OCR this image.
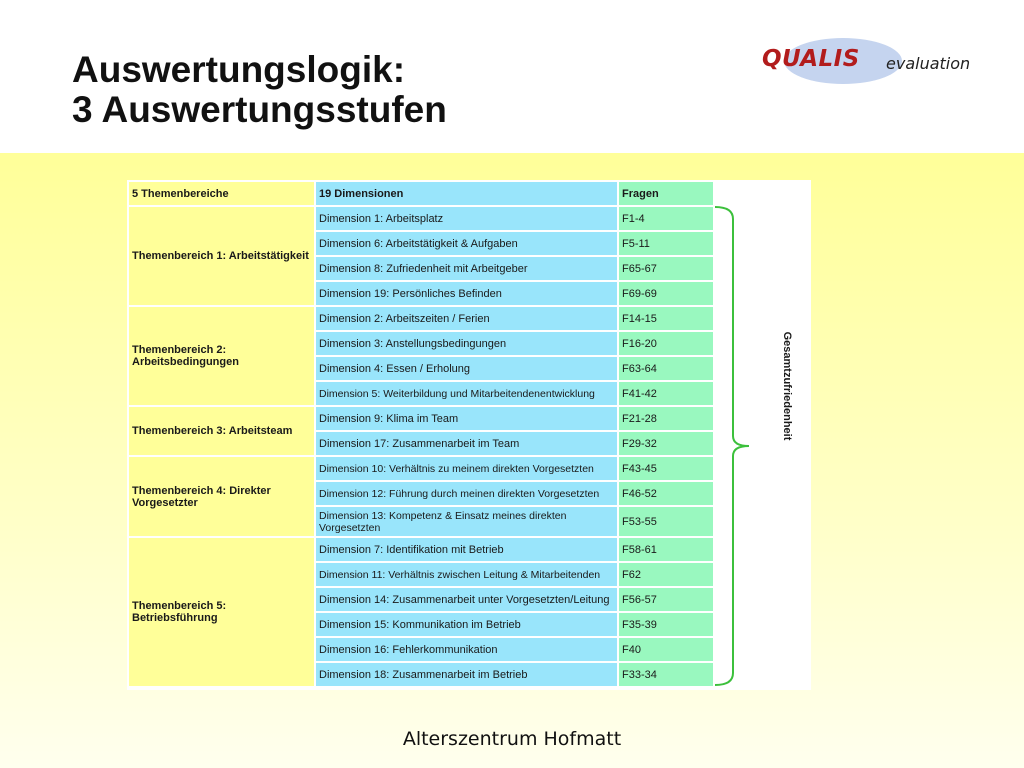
Auswertungslogik:
3 Auswertungsstufen
QUALIS evaluation
5 Themenbereiche	19 Dimensionen	Fragen
Themenbereich 1: Arbeitstätigkeit	Dimension 1: Arbeitsplatz	F1-4
	Dimension 6: Arbeitstätigkeit & Aufgaben	F5-11
	Dimension 8: Zufriedenheit mit Arbeitgeber	F65-67
	Dimension 19: Persönliches Befinden	F69-69
Themenbereich 2: Arbeitsbedingungen	Dimension 2: Arbeitszeiten / Ferien	F14-15
	Dimension 3: Anstellungsbedingungen	F16-20
	Dimension 4: Essen / Erholung	F63-64
	Dimension 5: Weiterbildung und Mitarbeitendenentwicklung	F41-42
Themenbereich 3: Arbeitsteam	Dimension 9: Klima im Team	F21-28
	Dimension 17: Zusammenarbeit im Team	F29-32
Themenbereich 4: Direkter Vorgesetzter	Dimension 10: Verhältnis zu meinem direkten Vorgesetzten	F43-45
	Dimension 12: Führung durch meinen direkten Vorgesetzten	F46-52
	Dimension 13: Kompetenz & Einsatz meines direkten Vorgesetzten	F53-55
Themenbereich 5: Betriebsführung	Dimension 7: Identifikation mit Betrieb	F58-61
	Dimension 11: Verhältnis zwischen Leitung & Mitarbeitenden	F62
	Dimension 14: Zusammenarbeit unter Vorgesetzten/Leitung	F56-57
	Dimension 15: Kommunikation im Betrieb	F35-39
	Dimension 16: Fehlerkommunikation	F40
	Dimension 18: Zusammenarbeit im Betrieb	F33-34
Gesamtzufriedenheit
Alterszentrum Hofmatt
